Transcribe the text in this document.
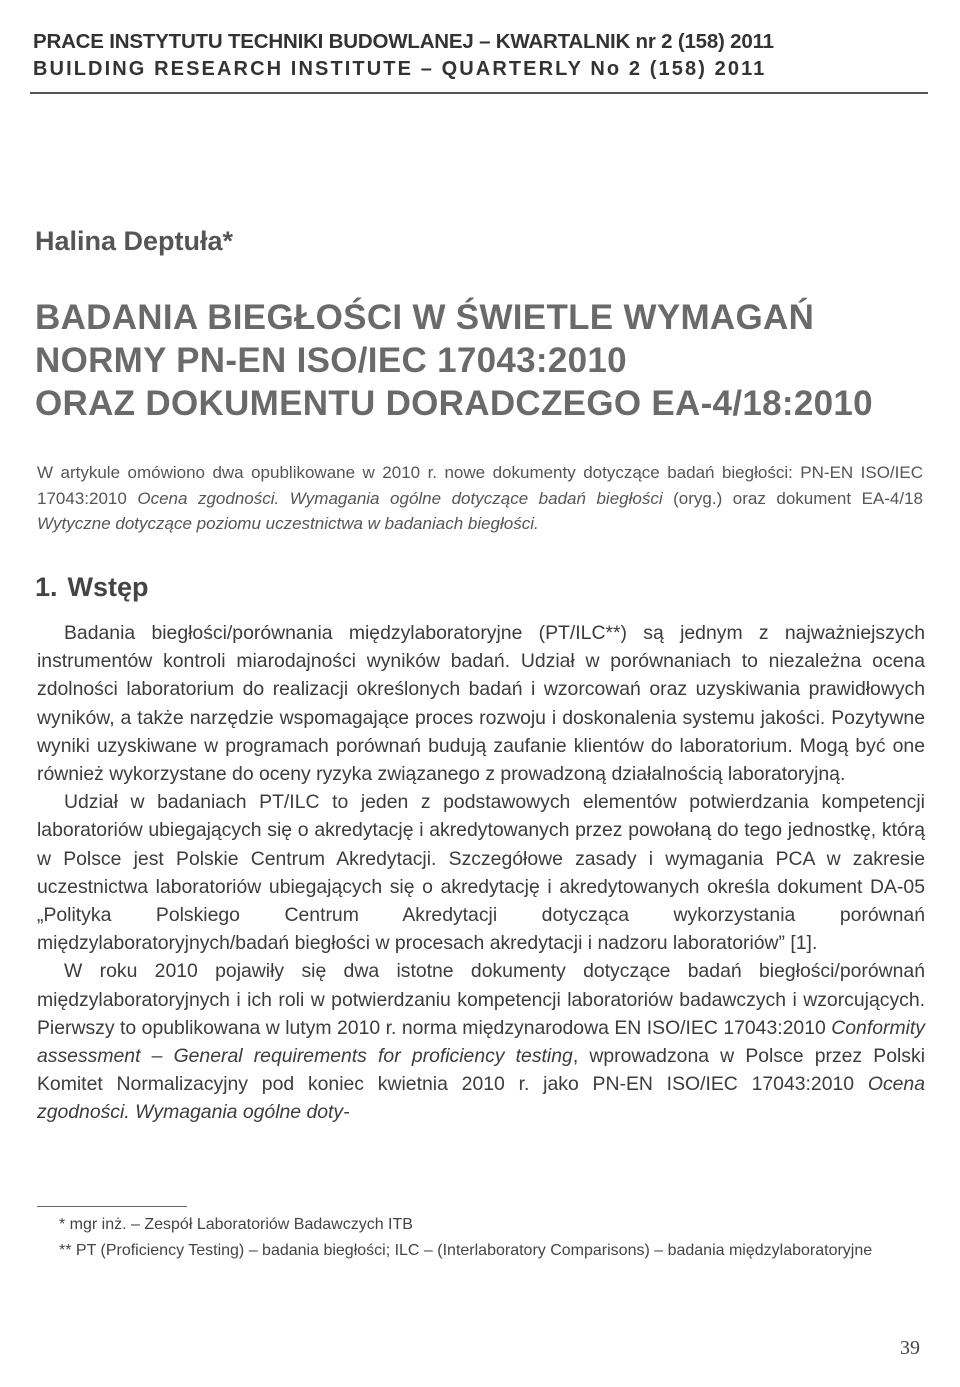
PRACE INSTYTUTU TECHNIKI BUDOWLANEJ – KWARTALNIK nr 2 (158) 2011
BUILDING RESEARCH INSTITUTE – QUARTERLY No 2 (158) 2011
Halina Deptuła*
BADANIA BIEGŁOŚCI W ŚWIETLE WYMAGAŃ
NORMY PN-EN ISO/IEC 17043:2010
ORAZ DOKUMENTU DORADCZEGO EA-4/18:2010
W artykule omówiono dwa opublikowane w 2010 r. nowe dokumenty dotyczące badań biegłości: PN-EN ISO/IEC 17043:2010 Ocena zgodności. Wymagania ogólne dotyczące badań biegłości (oryg.) oraz dokument EA-4/18 Wytyczne dotyczące poziomu uczestnictwa w badaniach biegłości.
1. Wstęp

Badania biegłości/porównania międzylaboratoryjne (PT/ILC**) są jednym z najważniejszych instrumentów kontroli miarodajności wyników badań. Udział w porównaniach to niezależna ocena zdolności laboratorium do realizacji określonych badań i wzorcowań oraz uzyskiwania prawidłowych wyników, a także narzędzie wspomagające proces rozwoju i doskonalenia systemu jakości. Pozytywne wyniki uzyskiwane w programach porównań budują zaufanie klientów do laboratorium. Mogą być one również wykorzystane do oceny ryzyka związanego z prowadzoną działalnością laboratoryjną.

Udział w badaniach PT/ILC to jeden z podstawowych elementów potwierdzania kompetencji laboratoriów ubiegających się o akredytację i akredytowanych przez powołaną do tego jednostkę, którą w Polsce jest Polskie Centrum Akredytacji. Szczegółowe zasady i wymagania PCA w zakresie uczestnictwa laboratoriów ubiegających się o akredytację i akredytowanych określa dokument DA-05 „Polityka Polskiego Centrum Akredytacji dotycząca wykorzystania porównań międzylaboratoryjnych/badań biegłości w procesach akredytacji i nadzoru laboratoriów” [1].

W roku 2010 pojawiły się dwa istotne dokumenty dotyczące badań biegłości/porównań międzylaboratoryjnych i ich roli w potwierdzaniu kompetencji laboratoriów badawczych i wzorcujących. Pierwszy to opublikowana w lutym 2010 r. norma międzynarodowa EN ISO/IEC 17043:2010 Conformity assessment – General requirements for proficiency testing, wprowadzona w Polsce przez Polski Komitet Normalizacyjny pod koniec kwietnia 2010 r. jako PN-EN ISO/IEC 17043:2010 Ocena zgodności. Wymagania ogólne doty-

* mgr inż. – Zespół Laboratoriów Badawczych ITB

** PT (Proficiency Testing) – badania biegłości; ILC – (Interlaboratory Comparisons) – badania międzylaboratoryjne

39
